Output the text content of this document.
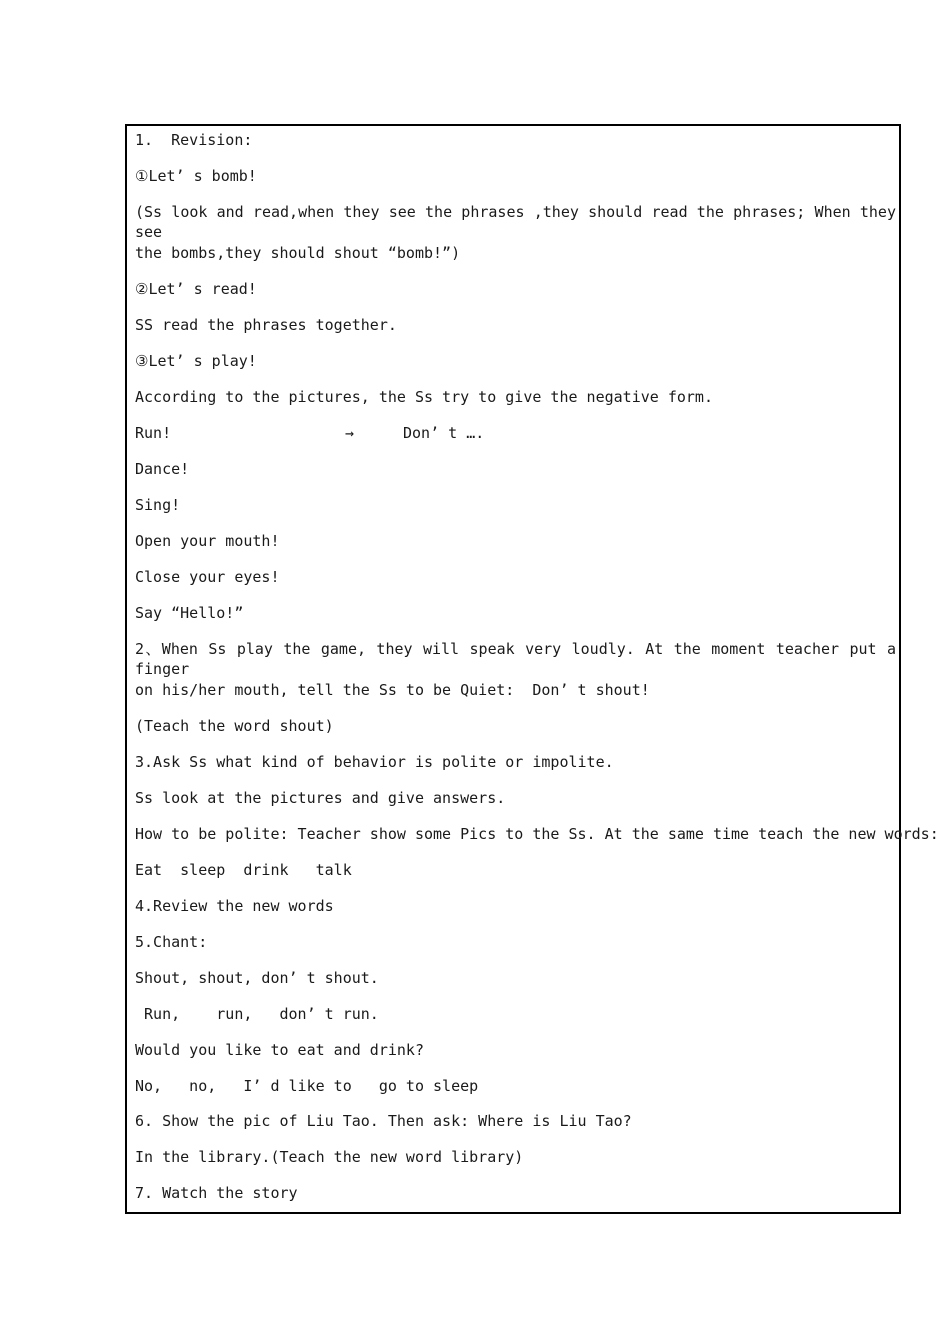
1.  Revision:
①Let’ s bomb!
(Ss look and read,when they see the phrases ,they should read the phrases; When they see
the bombs,they should shout “bomb!”)
②Let’ s read!
SS read the phrases together.
③Let’ s play!
According to the pictures, the Ss try to give the negative form.
Run!	→	Don’ t ….
Dance!
Sing!
Open your mouth!
Close your eyes!
Say “Hello!”
2、When Ss play the game, they will speak very loudly. At the moment teacher put a finger
on his/her mouth, tell the Ss to be Quiet:  Don’ t shout!
(Teach the word shout)
3.Ask Ss what kind of behavior is polite or impolite.
Ss look at the pictures and give answers.
How to be polite: Teacher show some Pics to the Ss. At the same time teach the new words:
Eat  sleep  drink   talk
4.Review the new words
5.Chant:
Shout, shout, don’ t shout.
Run,    run,   don’ t run.
Would you like to eat and drink?
No,   no,   I’ d like to   go to sleep
6. Show the pic of Liu Tao. Then ask: Where is Liu Tao?
In the library.(Teach the new word library)
7. Watch the story
